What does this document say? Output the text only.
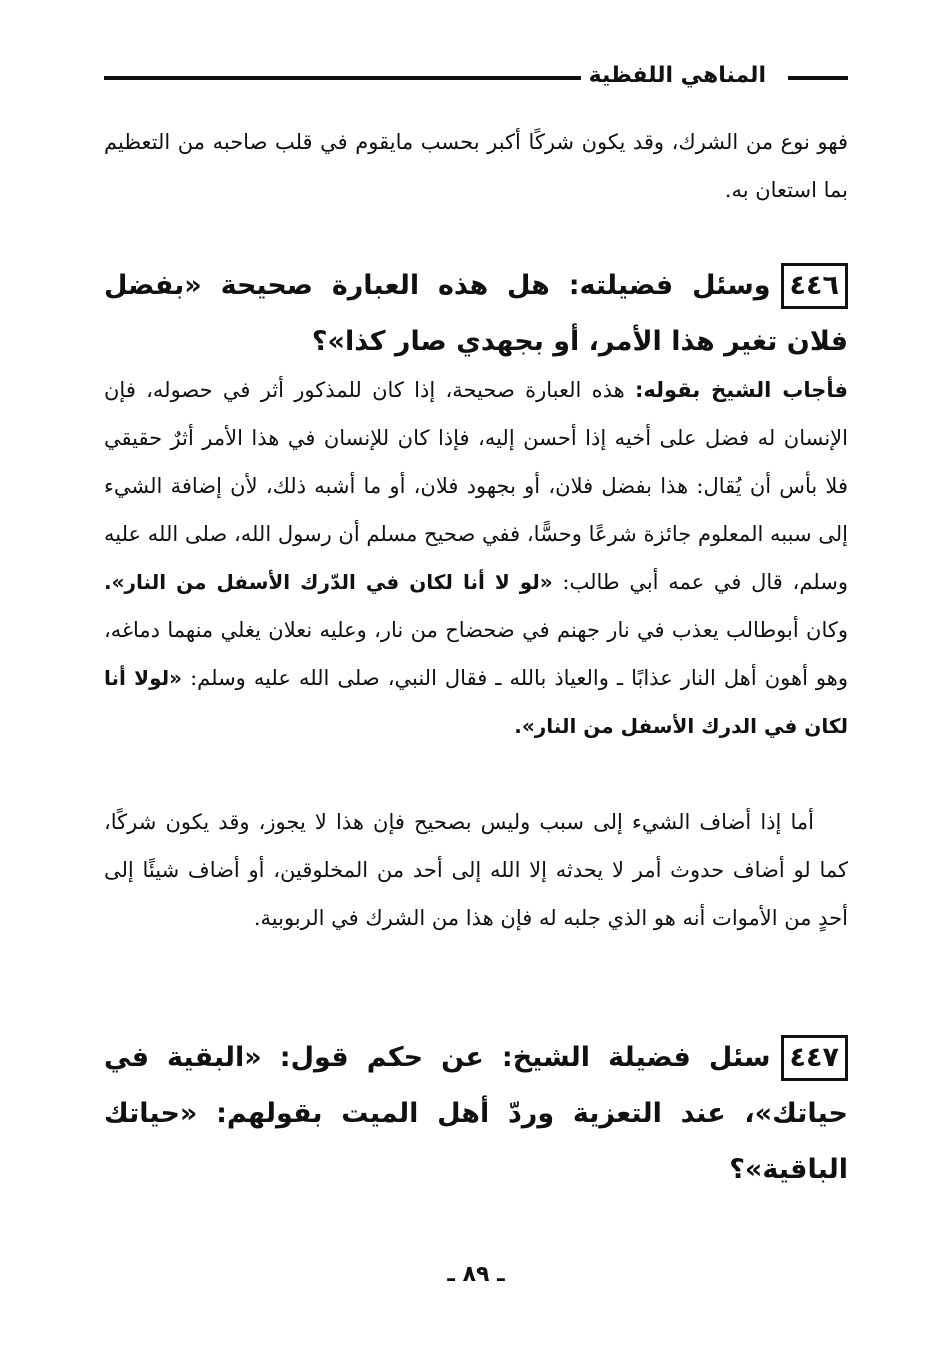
المناهي اللفظية

فهو نوع من الشرك، وقد يكون شركًا أكبر بحسب مايقوم في قلب صاحبه من التعظيم بما استعان به.

٤٤٦وسئل فضيلته: هل هذه العبارة صحيحة «بفضل فلان تغير هذا الأمر، أو بجهدي صار كذا»؟

فأجاب الشيخ بقوله: هذه العبارة صحيحة، إذا كان للمذكور أثر في حصوله، فإن الإنسان له فضل على أخيه إذا أحسن إليه، فإذا كان للإنسان في هذا الأمر أثرٌ حقيقي فلا بأس أن يُقال: هذا بفضل فلان، أو بجهود فلان، أو ما أشبه ذلك، لأن إضافة الشيء إلى سببه المعلوم جائزة شرعًا وحسًّا، ففي صحيح مسلم أن رسول الله، صلى الله عليه وسلم، قال في عمه أبي طالب: «لو لا أنا لكان في الدّرك الأسفل من النار». وكان أبوطالب يعذب في نار جهنم في ضحضاح من نار، وعليه نعلان يغلي منهما دماغه، وهو أهون أهل النار عذابًا ـ والعياذ بالله ـ فقال النبي، صلى الله عليه وسلم: «لولا أنا لكان في الدرك الأسفل من النار».

أما إذا أضاف الشيء إلى سبب وليس بصحيح فإن هذا لا يجوز، وقد يكون شركًا، كما لو أضاف حدوث أمر لا يحدثه إلا الله إلى أحد من المخلوقين، أو أضاف شيئًا إلى أحدٍ من الأموات أنه هو الذي جلبه له فإن هذا من الشرك في الربوبية.

٤٤٧سئل فضيلة الشيخ: عن حكم قول: «البقية في حياتك»، عند التعزية وردّ أهل الميت بقولهم: «حياتك الباقية»؟
ـ ٨٩ ـ
